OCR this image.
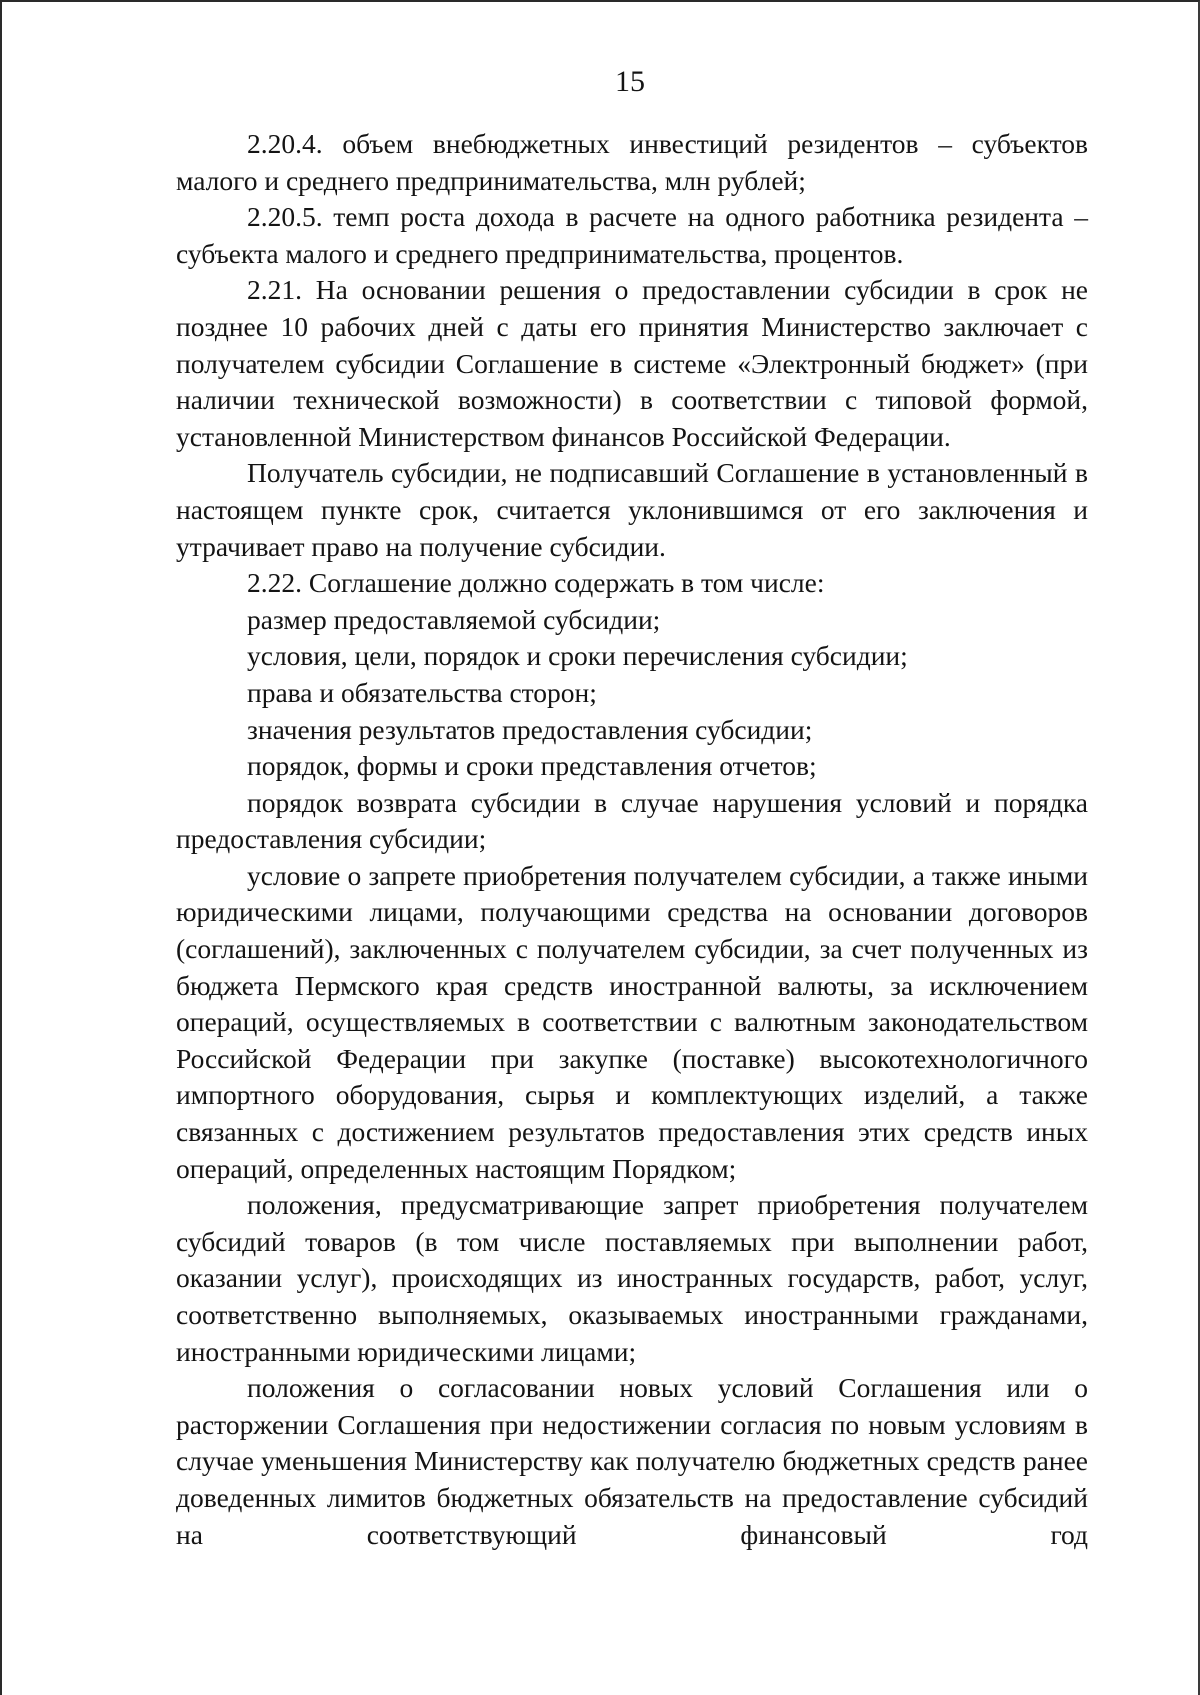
15

2.20.4. объем внебюджетных инвестиций резидентов – субъектов малого и среднего предпринимательства, млн рублей;

2.20.5. темп роста дохода в расчете на одного работника резидента – субъекта малого и среднего предпринимательства, процентов.

2.21. На основании решения о предоставлении субсидии в срок не позднее 10 рабочих дней с даты его принятия Министерство заключает с получателем субсидии Соглашение в системе «Электронный бюджет» (при наличии технической возможности) в соответствии с типовой формой, установленной Министерством финансов Российской Федерации.

Получатель субсидии, не подписавший Соглашение в установленный в настоящем пункте срок, считается уклонившимся от его заключения и утрачивает право на получение субсидии.

2.22. Соглашение должно содержать в том числе:

размер предоставляемой субсидии;

условия, цели, порядок и сроки перечисления субсидии;

права и обязательства сторон;

значения результатов предоставления субсидии;

порядок, формы и сроки представления отчетов;

порядок возврата субсидии в случае нарушения условий и порядка предоставления субсидии;

условие о запрете приобретения получателем субсидии, а также иными юридическими лицами, получающими средства на основании договоров (соглашений), заключенных с получателем субсидии, за счет полученных из бюджета Пермского края средств иностранной валюты, за исключением операций, осуществляемых в соответствии с валютным законодательством Российской Федерации при закупке (поставке) высокотехнологичного импортного оборудования, сырья и комплектующих изделий, а также связанных с достижением результатов предоставления этих средств иных операций, определенных настоящим Порядком;

положения, предусматривающие запрет приобретения получателем субсидий товаров (в том числе поставляемых при выполнении работ, оказании услуг), происходящих из иностранных государств, работ, услуг, соответственно выполняемых, оказываемых иностранными гражданами, иностранными юридическими лицами;

положения о согласовании новых условий Соглашения или о расторжении Соглашения при недостижении согласия по новым условиям в случае уменьшения Министерству как получателю бюджетных средств ранее доведенных лимитов бюджетных обязательств на предоставление субсидий на соответствующий финансовый год
